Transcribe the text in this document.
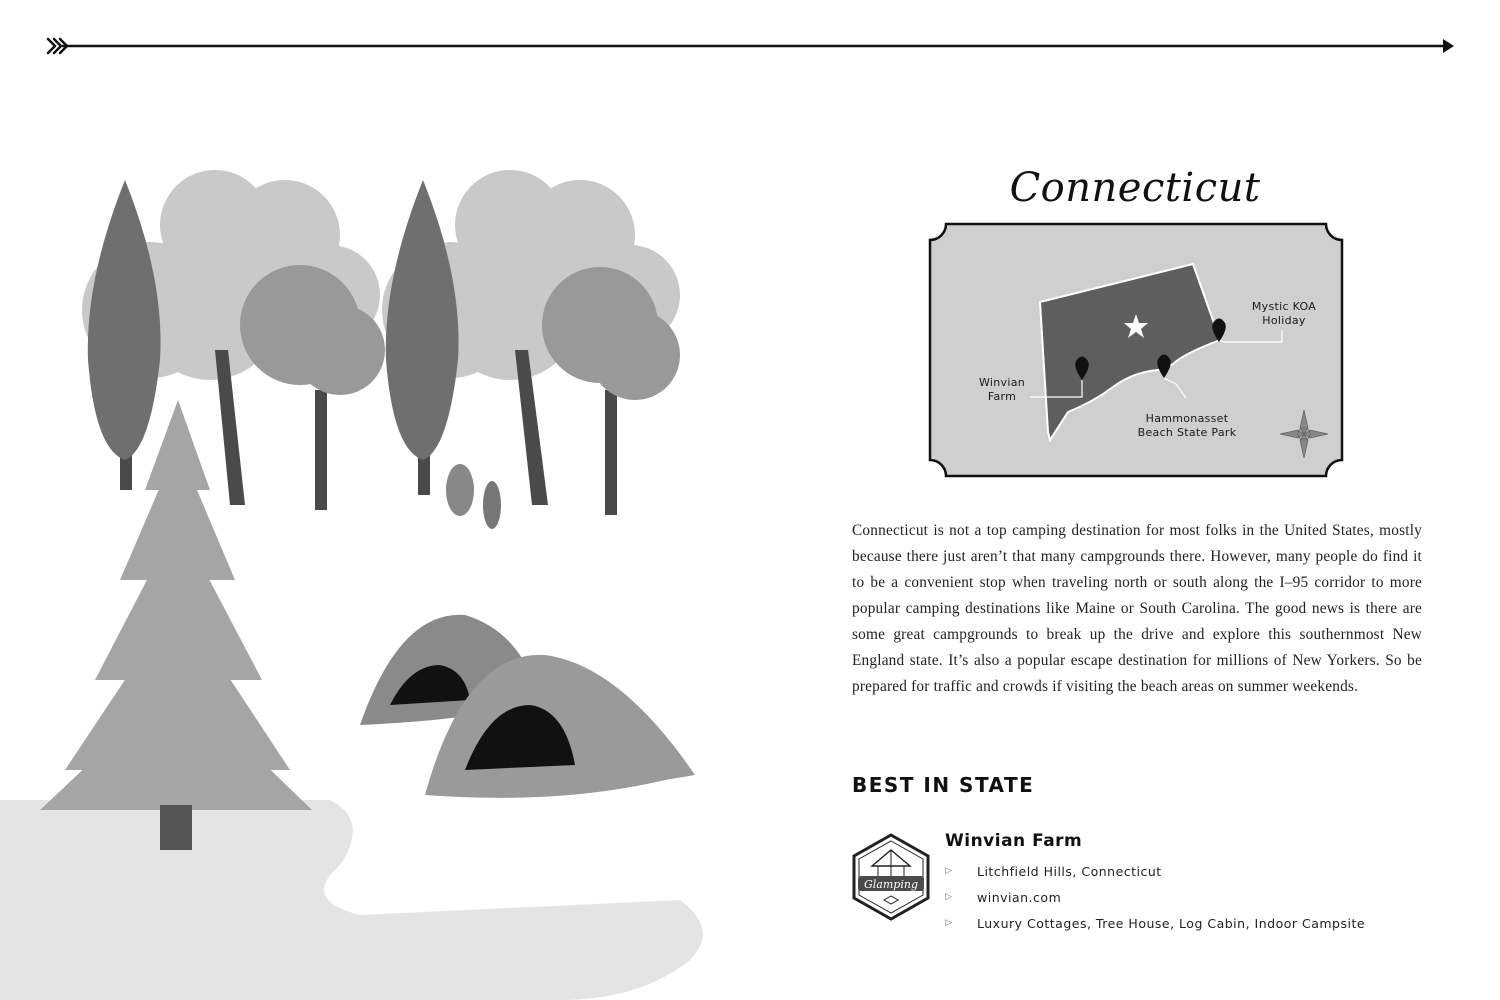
Connecticut
Mystic KOA
Holiday
Winvian
Farm
Hammonasset
Beach State Park

Connecticut is not a top camping destination for most folks in the United States, mostly because there just aren’t that many campgrounds there. However, many people do find it to be a convenient stop when traveling north or south along the I–95 corridor to more popular camping destinations like Maine or South Carolina. The good news is there are some great campgrounds to break up the drive and explore this southernmost New England state. It’s also a popular escape destination for millions of New Yorkers. So be prepared for traffic and crowds if visiting the beach areas on summer weekends.

BEST IN STATE
Glamping
Winvian Farm
▷	Litchfield Hills, Connecticut
▷	winvian.com
▷	Luxury Cottages, Tree House, Log Cabin, Indoor Campsite
